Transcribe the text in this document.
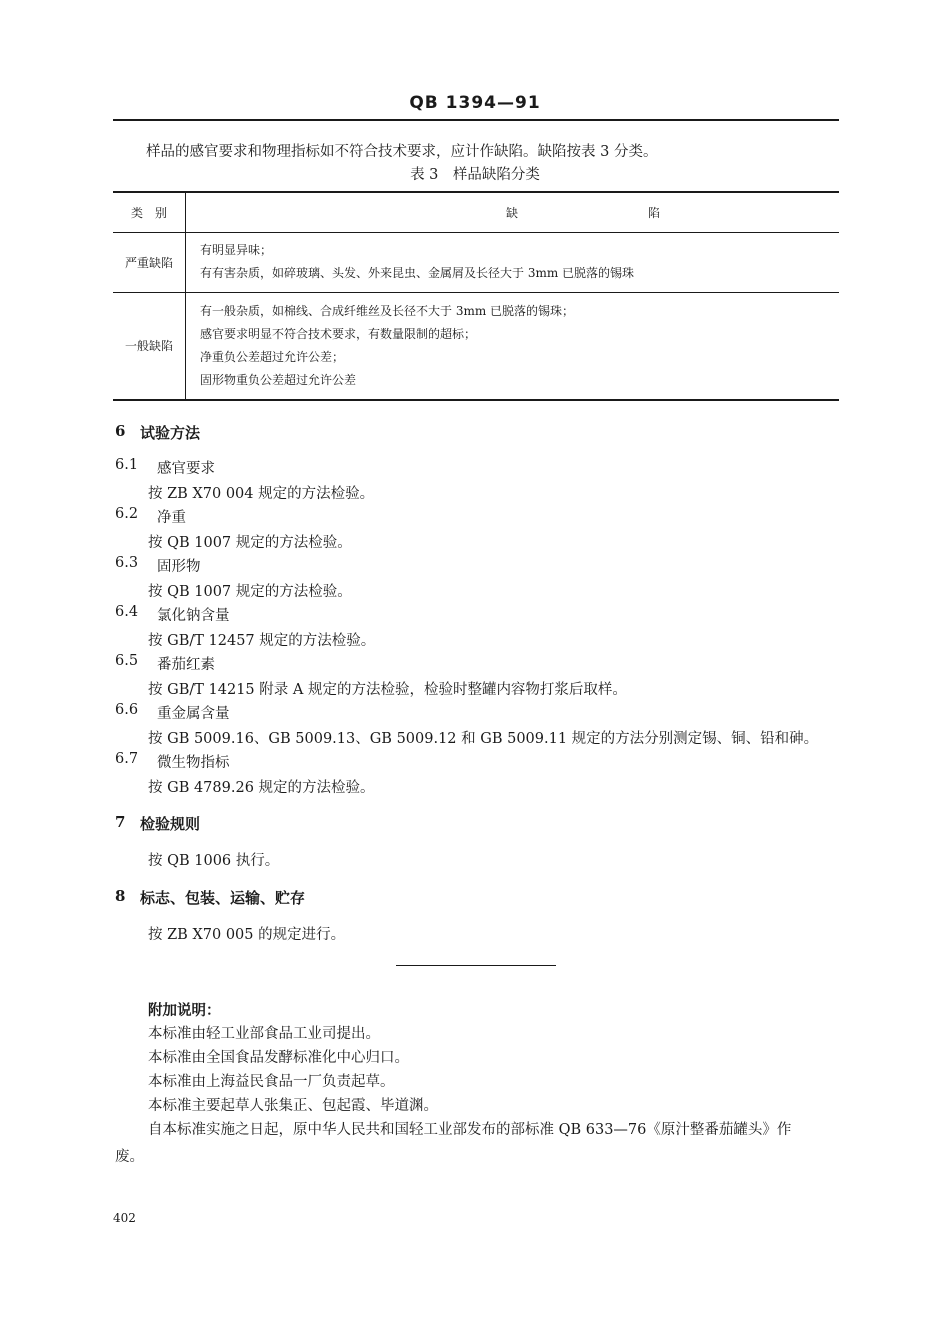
QB 1394—91
样品的感官要求和物理指标如不符合技术要求，应计作缺陷。缺陷按表 3 分类。
表 3　样品缺陷分类
类　别	缺 陷

严重缺陷	有明显异味；
有有害杂质，如碎玻璃、头发、外来昆虫、金属屑及长径大于 3mm 已脱落的锡珠

一般缺陷	有一般杂质，如棉线、合成纤维丝及长径不大于 3mm 已脱落的锡珠；
感官要求明显不符合技术要求，有数量限制的超标；
净重负公差超过允许公差；
固形物重负公差超过允许公差
6 试验方法
6.1 感官要求
按 ZB X70 004 规定的方法检验。
6.2 净重
按 QB 1007 规定的方法检验。
6.3 固形物
按 QB 1007 规定的方法检验。
6.4 氯化钠含量
按 GB/T 12457 规定的方法检验。
6.5 番茄红素
按 GB/T 14215 附录 A 规定的方法检验，检验时整罐内容物打浆后取样。
6.6 重金属含量
按 GB 5009.16、GB 5009.13、GB 5009.12 和 GB 5009.11 规定的方法分别测定锡、铜、铅和砷。
6.7 微生物指标
按 GB 4789.26 规定的方法检验。
7 检验规则
按 QB 1006 执行。
8 标志、包装、运输、贮存
按 ZB X70 005 的规定进行。
附加说明：
本标准由轻工业部食品工业司提出。
本标准由全国食品发酵标准化中心归口。
本标准由上海益民食品一厂负责起草。
本标准主要起草人张集正、包起霞、毕道渊。
自本标准实施之日起，原中华人民共和国轻工业部发布的部标准 QB 633—76《原汁整番茄罐头》作
废。
402
